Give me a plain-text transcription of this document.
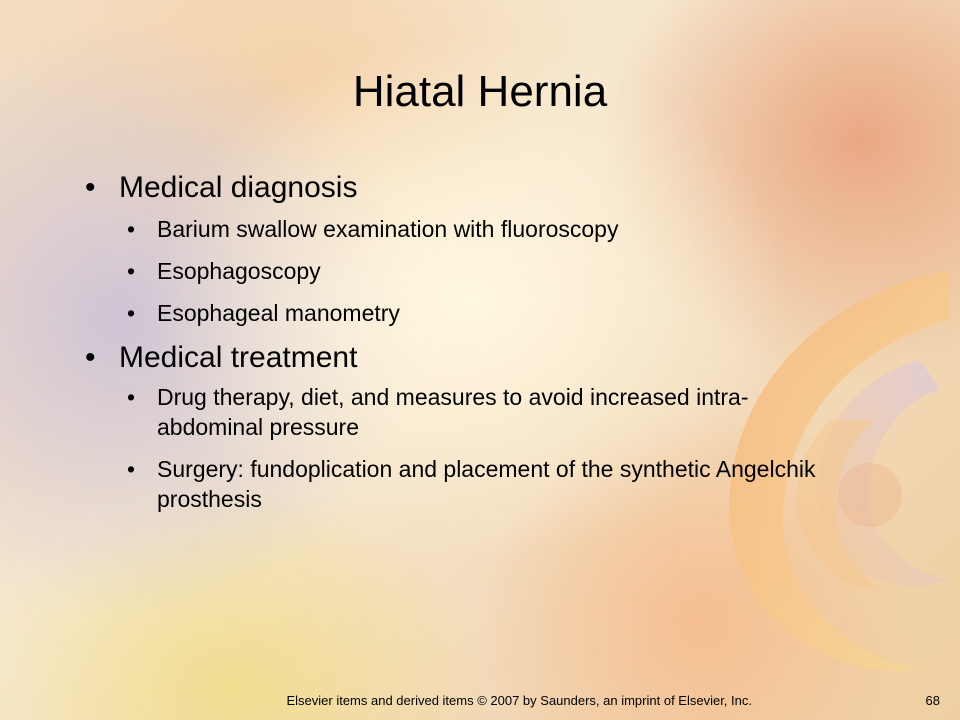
Hiatal Hernia
• Medical diagnosis
• Barium swallow examination with fluoroscopy
• Esophagoscopy
• Esophageal manometry
• Medical treatment
• Drug therapy, diet, and measures to avoid increased intra-abdominal pressure
• Surgery: fundoplication and placement of the synthetic Angelchik prosthesis
Elsevier items and derived items © 2007 by Saunders, an imprint of Elsevier, Inc.	68
